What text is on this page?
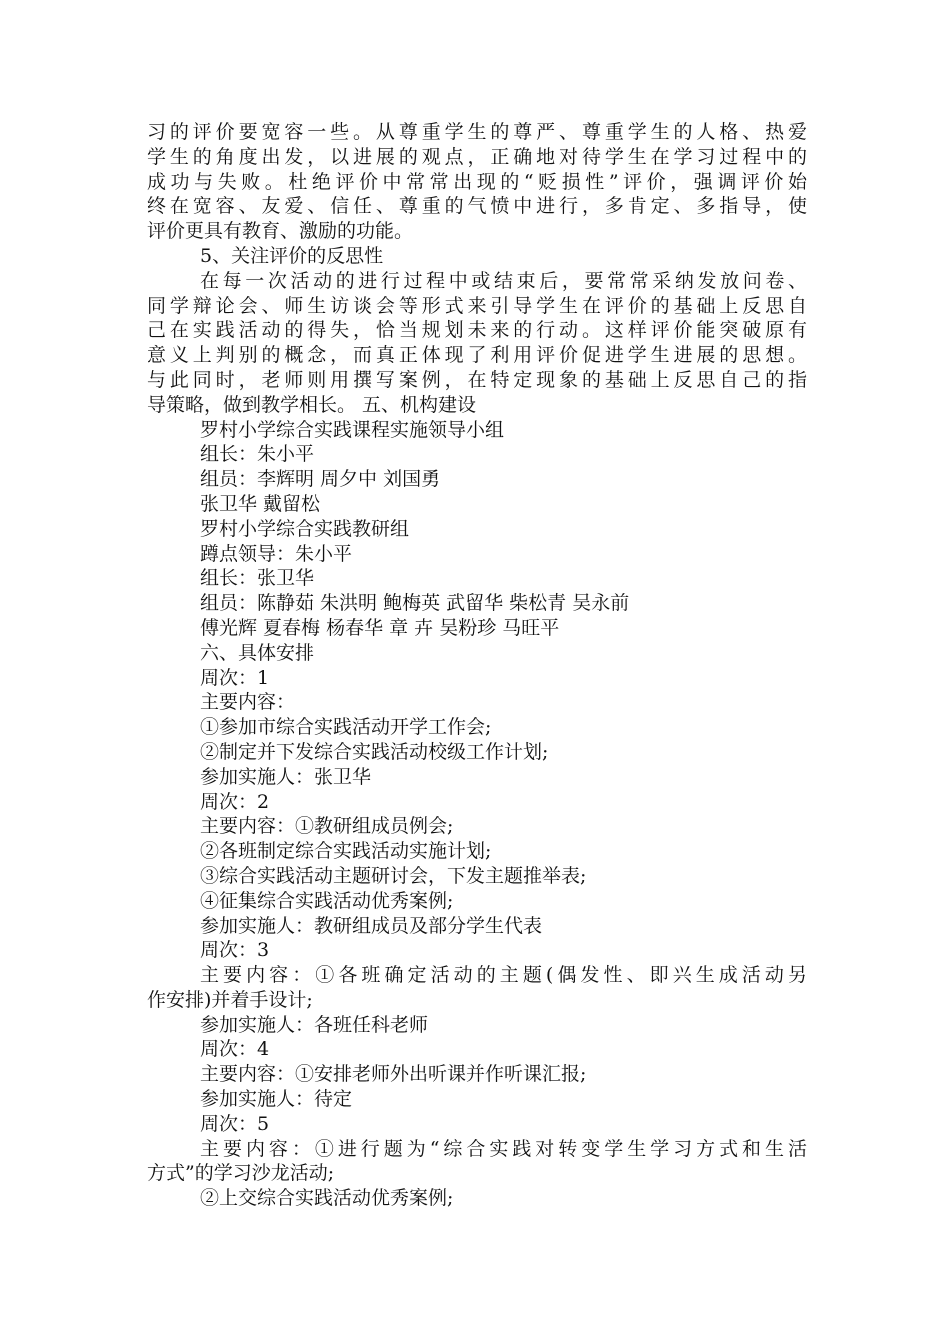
习的评价要宽容一些。从尊重学生的尊严、尊重学生的人格、热爱
学生的角度出发，以进展的观点，正确地对待学生在学习过程中的
成功与失败。杜绝评价中常常出现的“贬损性”评价，强调评价始
终在宽容、友爱、信任、尊重的气愤中进行，多肯定、多指导，使
评价更具有教育、激励的功能。
5、关注评价的反思性
在每一次活动的进行过程中或结束后，要常常采纳发放问卷、
同学辩论会、师生访谈会等形式来引导学生在评价的基础上反思自
己在实践活动的得失，恰当规划未来的行动。这样评价能突破原有
意义上判别的概念，而真正体现了利用评价促进学生进展的思想。
与此同时，老师则用撰写案例，在特定现象的基础上反思自己的指
导策略，做到教学相长。 五、机构建设
罗村小学综合实践课程实施领导小组
组长：朱小平
组员：李辉明 周夕中 刘国勇
张卫华 戴留松
罗村小学综合实践教研组
蹲点领导：朱小平
组长：张卫华
组员：陈静茹 朱洪明 鲍梅英 武留华 柴松青 吴永前
傅光辉 夏春梅 杨春华 章 卉 吴粉珍 马旺平
六、具体安排
周次：1
主要内容：
①参加市综合实践活动开学工作会;
②制定并下发综合实践活动校级工作计划;
参加实施人：张卫华
周次：2
主要内容：①教研组成员例会;
②各班制定综合实践活动实施计划;
③综合实践活动主题研讨会，下发主题推举表;
④征集综合实践活动优秀案例;
参加实施人：教研组成员及部分学生代表
周次：3
主要内容：①各班确定活动的主题(偶发性、即兴生成活动另
作安排)并着手设计;
参加实施人：各班任科老师
周次：4
主要内容：①安排老师外出听课并作听课汇报;
参加实施人：待定
周次：5
主要内容：①进行题为“综合实践对转变学生学习方式和生活
方式”的学习沙龙活动;
②上交综合实践活动优秀案例;
